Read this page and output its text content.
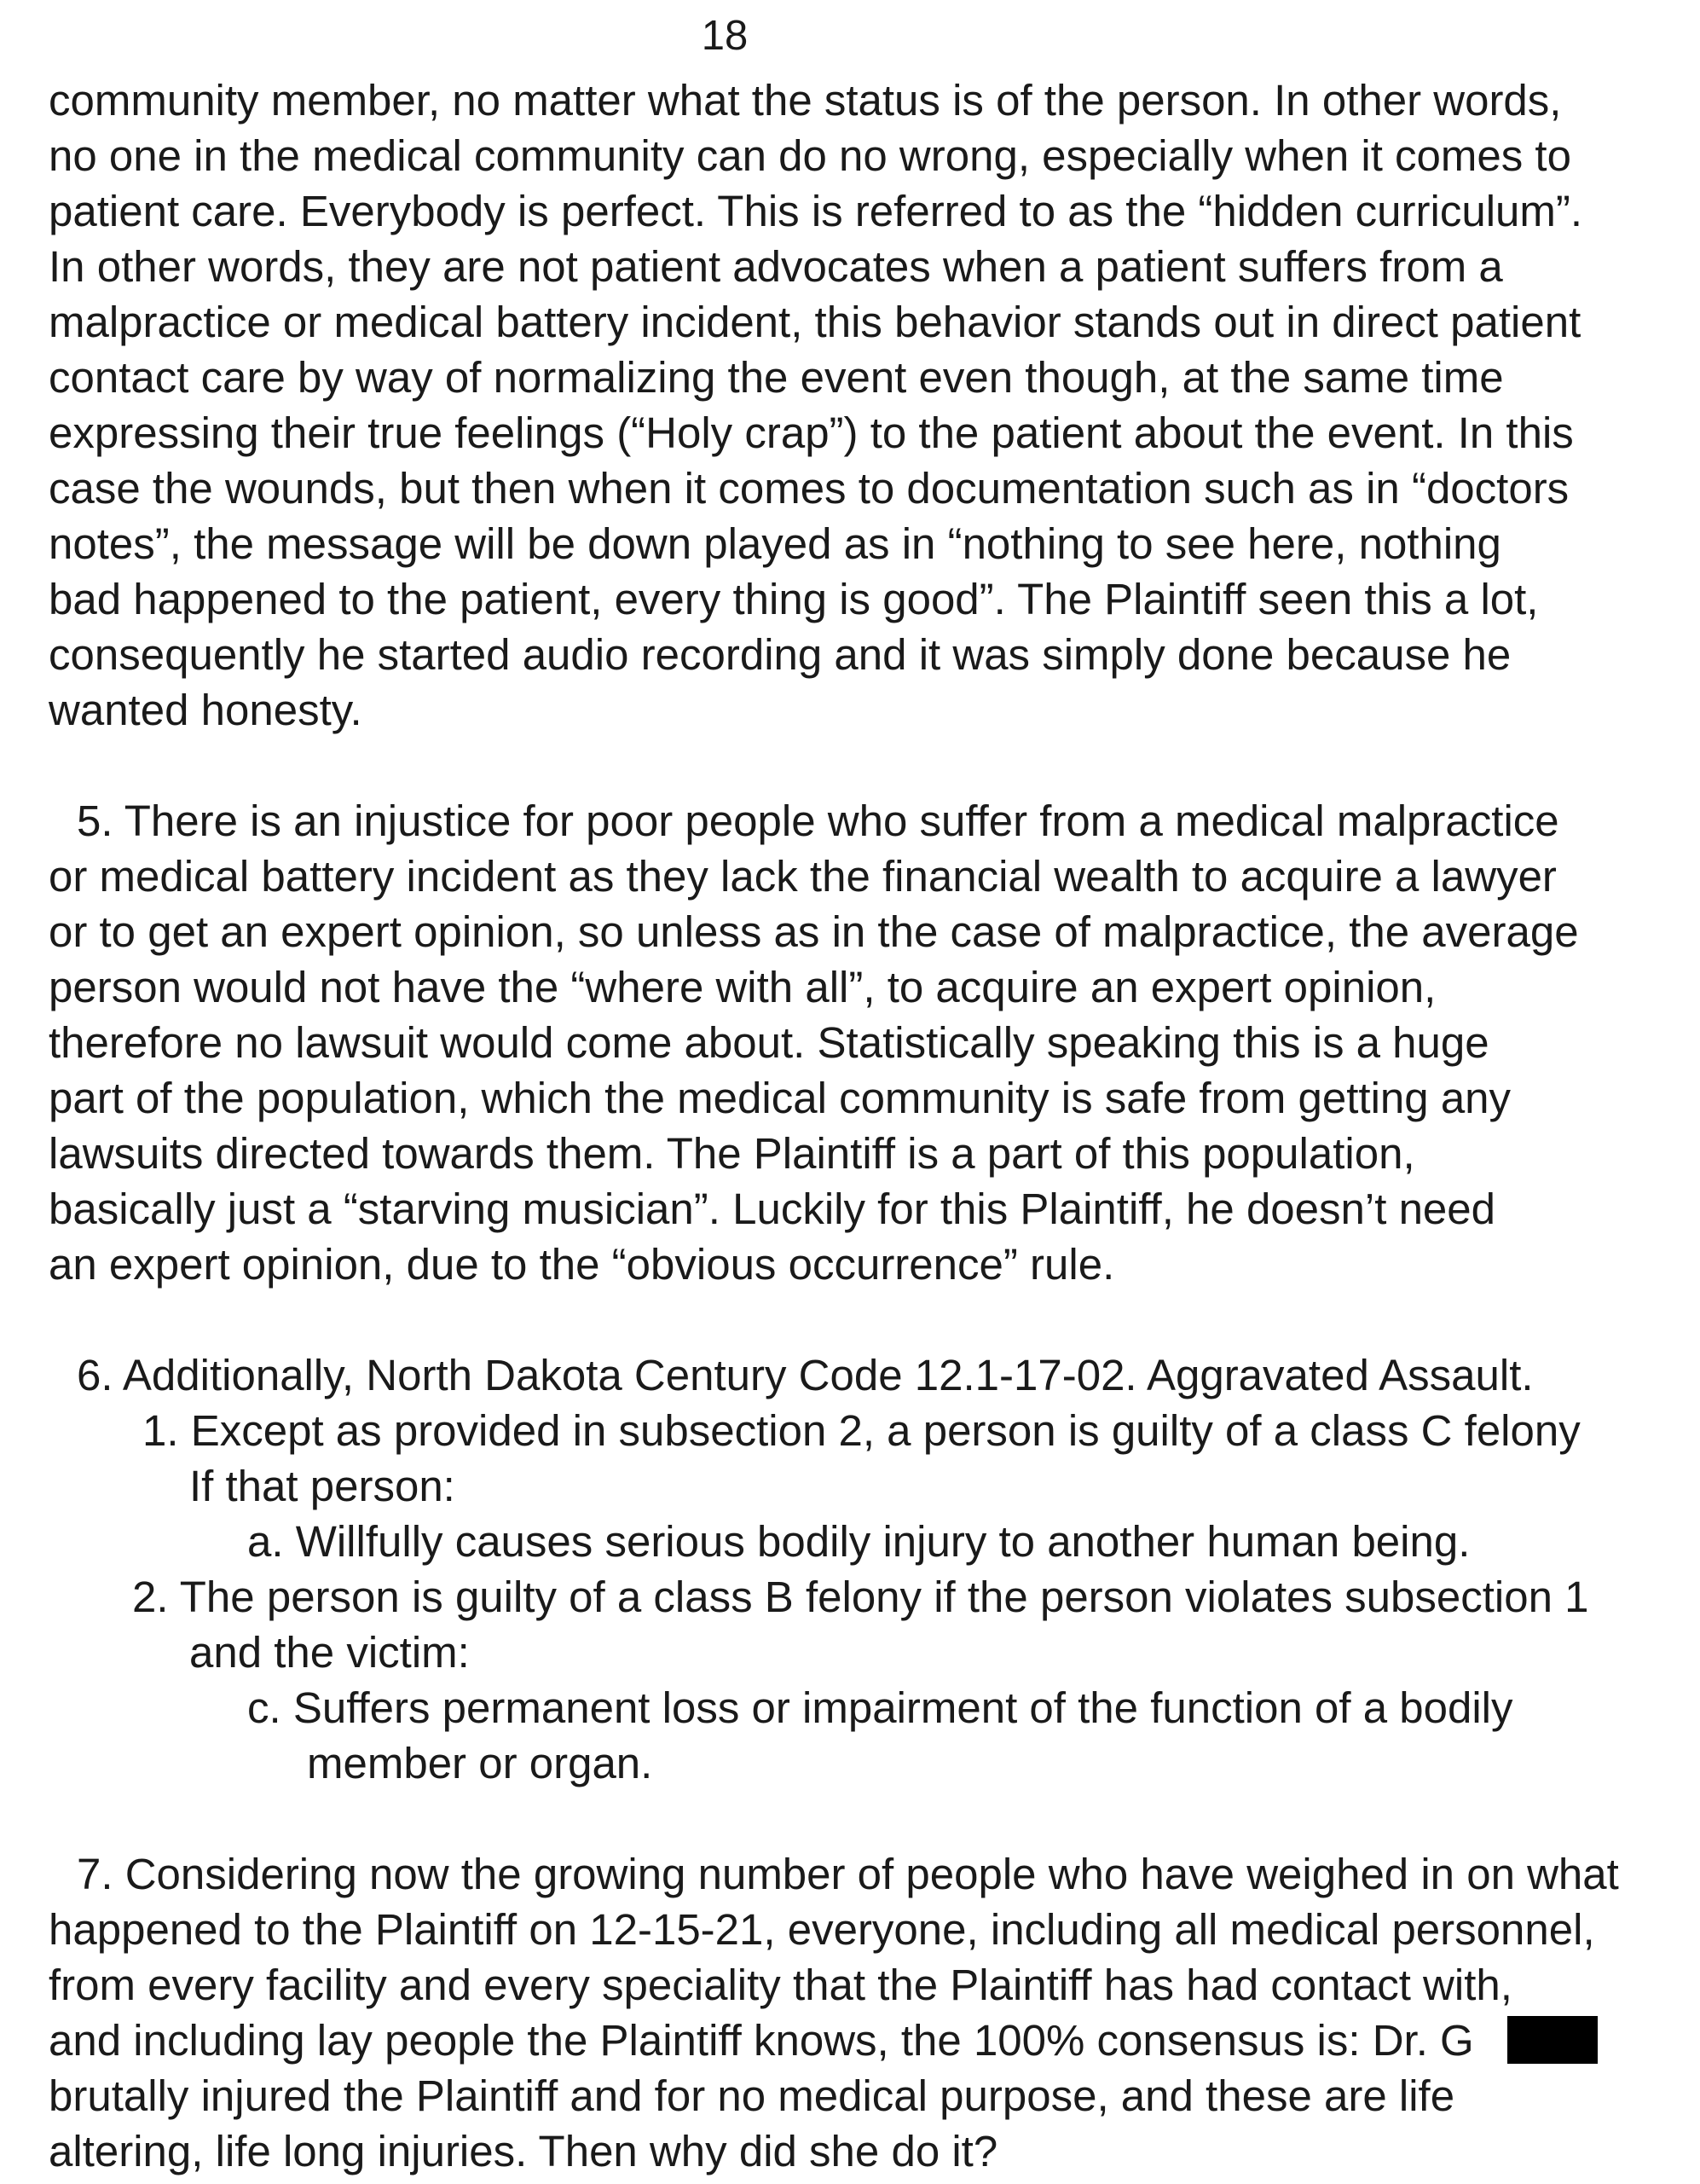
18
community member, no matter what the status is of the person. In other words,
no one in the medical community can do no wrong, especially when it comes to
patient care. Everybody is perfect. This is referred to as the “hidden curriculum”.
In other words, they are not patient advocates when a patient suffers from a
malpractice or medical battery incident, this behavior stands out in direct patient
contact care by way of normalizing the event even though, at the same time
expressing their true feelings (“Holy crap”) to the patient about the event. In this
case the wounds, but then when it comes to documentation such as in “doctors
notes”, the message will be down played as in “nothing to see here, nothing
bad happened to the patient, every thing is good”. The Plaintiff seen this a lot,
consequently he started audio recording and it was simply done because he
wanted honesty.
5. There is an injustice for poor people who suffer from a medical malpractice
or medical battery incident as they lack the financial wealth to acquire a lawyer
or to get an expert opinion, so unless as in the case of malpractice, the average
person would not have the “where with all”, to acquire an expert opinion,
therefore no lawsuit would come about. Statistically speaking this is a huge
part of the population, which the medical community is safe from getting any
lawsuits directed towards them. The Plaintiff is a part of this population,
basically just a “starving musician”. Luckily for this Plaintiff, he doesn’t need
an expert opinion, due to the “obvious occurrence” rule.
6. Additionally, North Dakota Century Code 12.1-17-02. Aggravated Assault.
1. Except as provided in subsection 2, a person is guilty of a class C felony
If that person:
a. Willfully causes serious bodily injury to another human being.
2. The person is guilty of a class B felony if the person violates subsection 1
and the victim:
c. Suffers permanent loss or impairment of the function of a bodily
member or organ.
7. Considering now the growing number of people who have weighed in on what
happened to the Plaintiff on 12-15-21, everyone, including all medical personnel,
from every facility and every speciality that the Plaintiff has had contact with,
and including lay people the Plaintiff knows, the 100% consensus is: Dr. G
brutally injured the Plaintiff and for no medical purpose, and these are life
altering, life long injuries. Then why did she do it?
